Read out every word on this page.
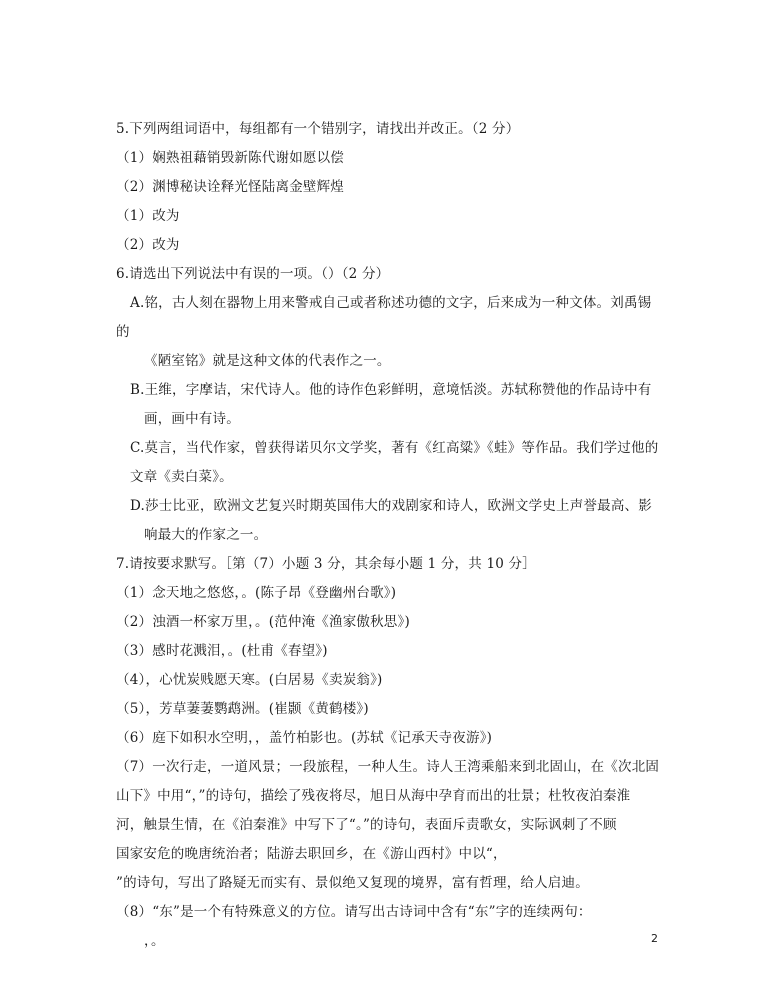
5.下列两组词语中，每组都有一个错别字，请找出并改正。（2 分）
（1）娴熟祖藉销毁新陈代谢如愿以偿
（2）渊博秘诀诠释光怪陆离金壁辉煌
（1）改为
（2）改为
6.请选出下列说法中有误的一项。（）（2 分）
A.铭，古人刻在器物上用来警戒自己或者称述功德的文字，后来成为一种文体。刘禹锡
的
《陋室铭》就是这种文体的代表作之一。
B.王维，字摩诘，宋代诗人。他的诗作色彩鲜明，意境恬淡。苏轼称赞他的作品诗中有
画，画中有诗。
C.莫言，当代作家，曾获得诺贝尔文学奖，著有《红高粱》《蛙》等作品。我们学过他的
文章《卖白菜》。
D.莎士比亚，欧洲文艺复兴时期英国伟大的戏剧家和诗人，欧洲文学史上声誉最高、影
响最大的作家之一。
7.请按要求默写。［第（7）小题 3 分，其余每小题 1 分，共 10 分］
（1）念天地之悠悠，。(陈子昂《登幽州台歌》)
（2）浊酒一杯家万里，。(范仲淹《渔家傲秋思》)
（3）感时花溅泪，。(杜甫《春望》)
（4），心忧炭贱愿天寒。(白居易《卖炭翁》)
（5），芳草萋萋鹦鹉洲。(崔颢《黄鹤楼》)
（6）庭下如积水空明，，盖竹柏影也。(苏轼《记承天寺夜游》)
（7）一次行走，一道风景；一段旅程，一种人生。诗人王湾乘船来到北固山，在《次北固
山下》中用“，”的诗句，描绘了残夜将尽，旭日从海中孕育而出的壮景；杜牧夜泊秦淮
河，触景生情，在《泊秦淮》中写下了“。”的诗句，表面斥责歌女，实际讽刺了不顾
国家安危的晚唐统治者；陆游去职回乡，在《游山西村》中以“，
”的诗句，写出了路疑无而实有、景似绝又复现的境界，富有哲理，给人启迪。
（8）“东”是一个有特殊意义的方位。请写出古诗词中含有“东”字的连续两句：
，。	2
